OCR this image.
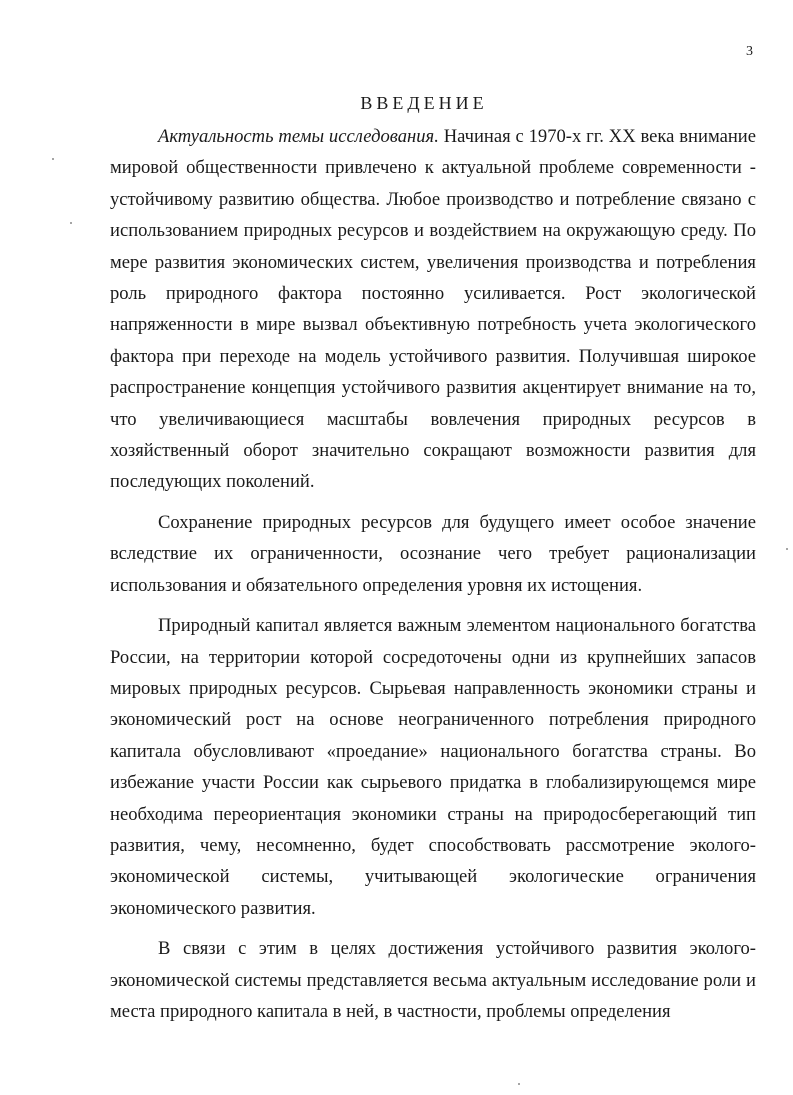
3
ВВЕДЕНИЕ

Актуальность темы исследования. Начиная с 1970-х гг. XX века внимание мировой общественности привлечено к актуальной проблеме современности - устойчивому развитию общества. Любое производство и потребление связано с использованием природных ресурсов и воздействием на окружающую среду. По мере развития экономических систем, увеличения производства и потребления роль природного фактора постоянно усиливается. Рост экологической напряженности в мире вызвал объективную потребность учета экологического фактора при переходе на модель устойчивого развития. Получившая широкое распространение концепция устойчивого развития акцентирует внимание на то, что увеличивающиеся масштабы вовлечения природных ресурсов в хозяйственный оборот значительно сокращают возможности развития для последующих поколений.

Сохранение природных ресурсов для будущего имеет особое значение вследствие их ограниченности, осознание чего требует рационализации использования и обязательного определения уровня их истощения.

Природный капитал является важным элементом национального богатства России, на территории которой сосредоточены одни из крупнейших запасов мировых природных ресурсов. Сырьевая направленность экономики страны и экономический рост на основе неограниченного потребления природного капитала обусловливают «проедание» национального богатства страны. Во избежание участи России как сырьевого придатка в глобализирующемся мире необходима переориентация экономики страны на природосберегающий тип развития, чему, несомненно, будет способствовать рассмотрение эколого-экономической системы, учитывающей экологические ограничения экономического развития.

В связи с этим в целях достижения устойчивого развития эколого-экономической системы представляется весьма актуальным исследование роли и места природного капитала в ней, в частности, проблемы определения
